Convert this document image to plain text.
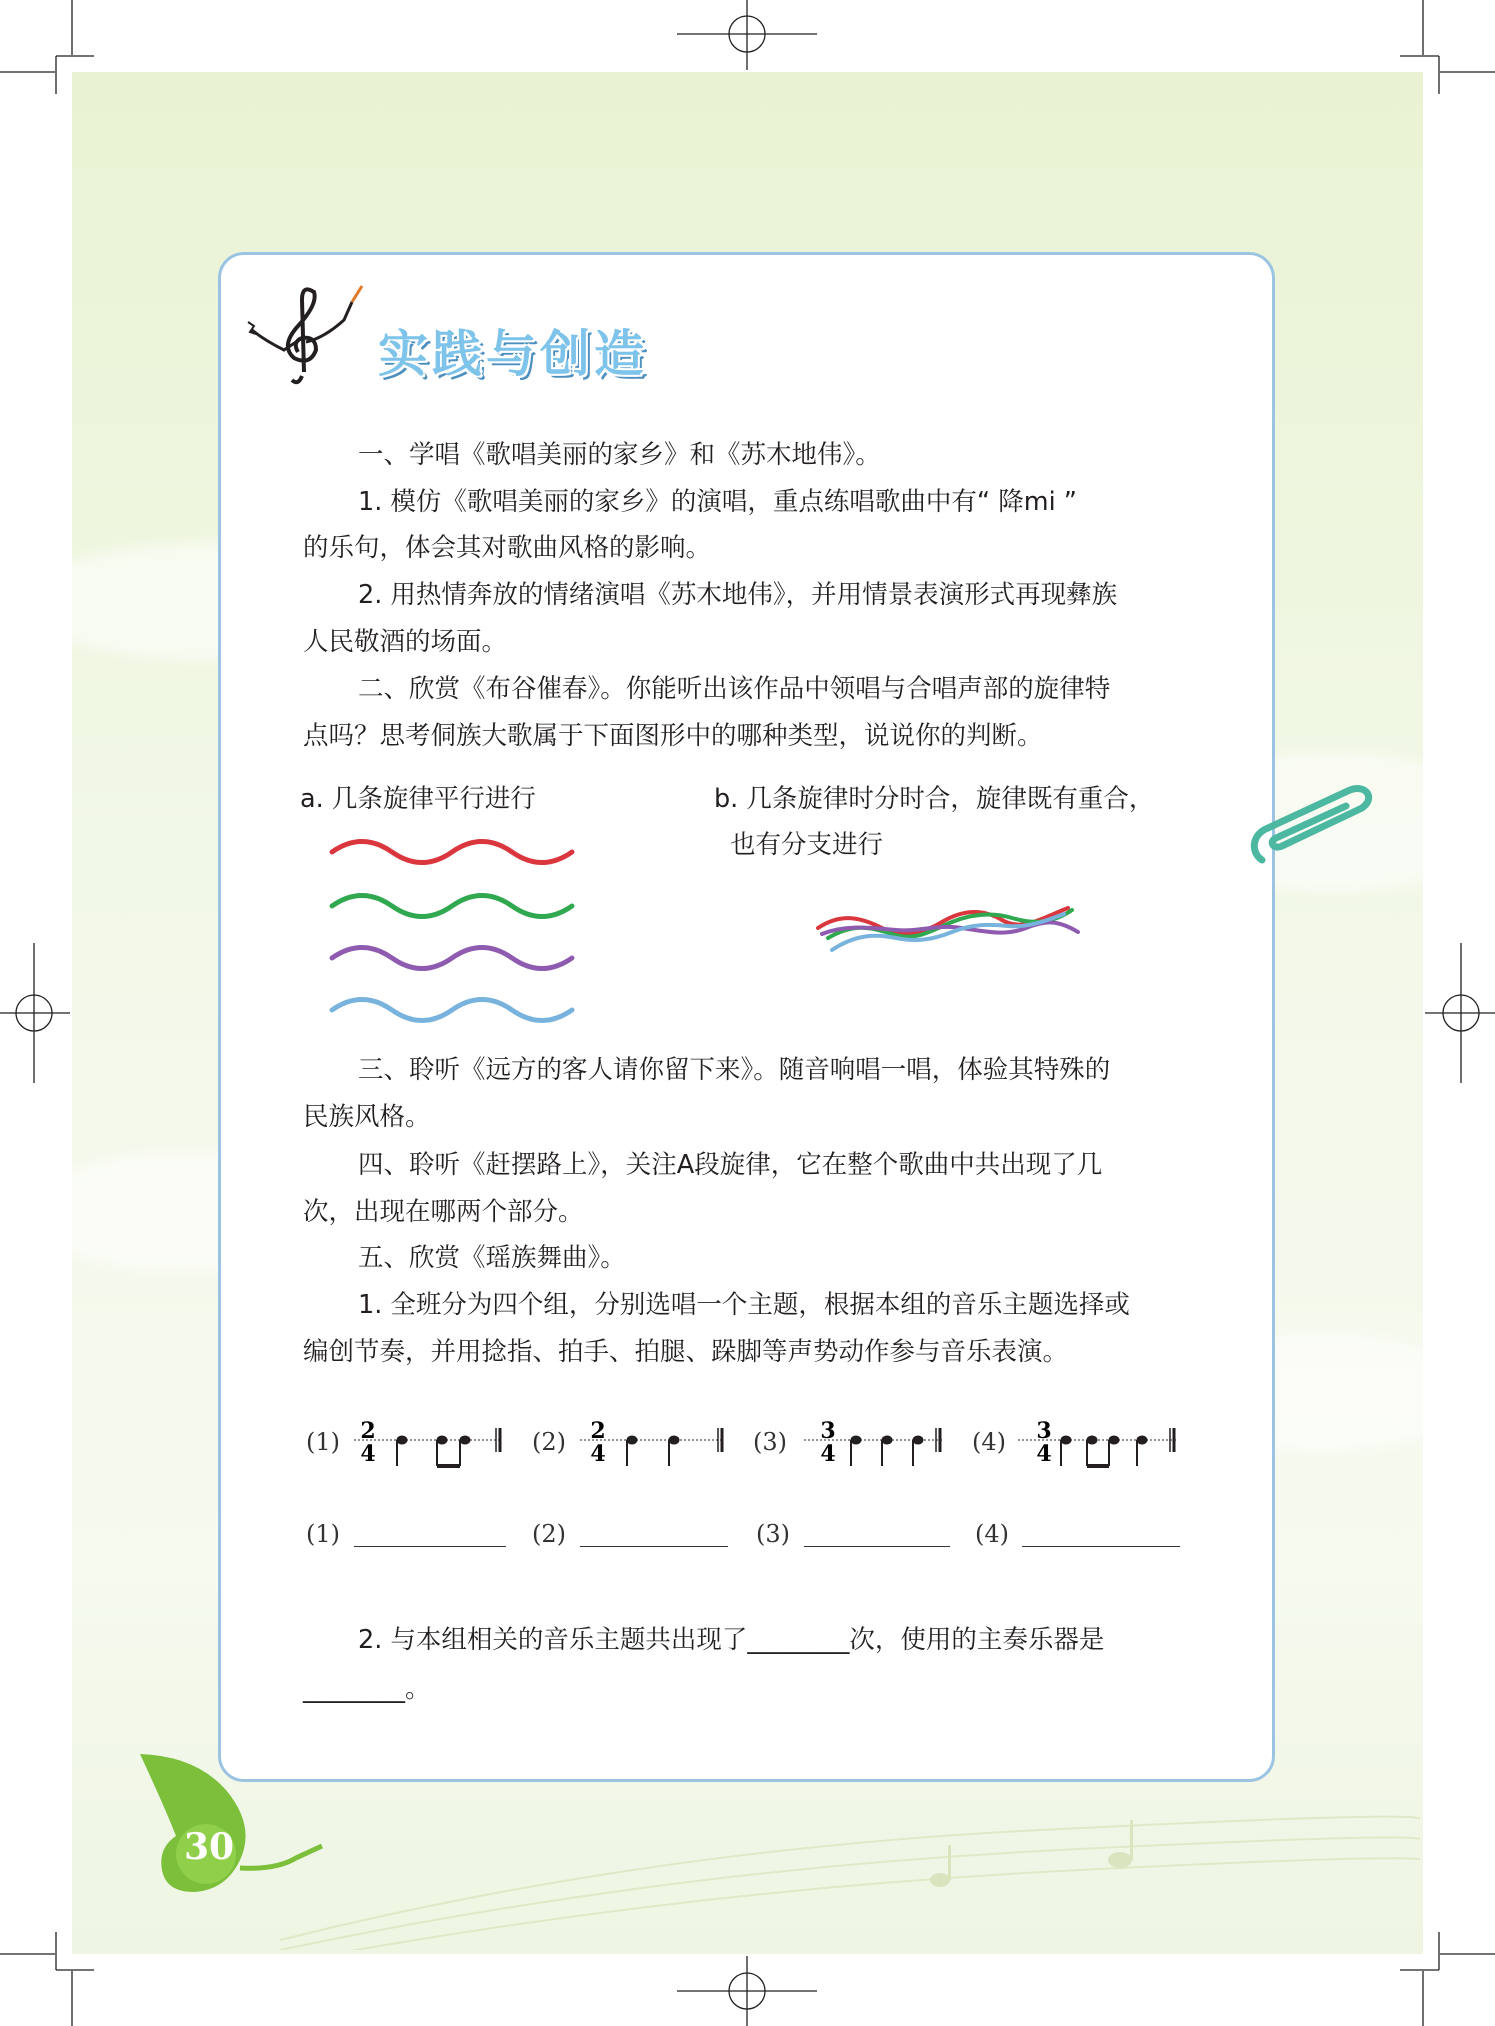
实践与创造
一、学唱《歌唱美丽的家乡》和《苏木地伟》。
1. 模仿《歌唱美丽的家乡》的演唱，重点练唱歌曲中有“ 降mi ”
的乐句，体会其对歌曲风格的影响。
2. 用热情奔放的情绪演唱《苏木地伟》，并用情景表演形式再现彝族
人民敬酒的场面。
二、欣赏《布谷催春》。你能听出该作品中领唱与合唱声部的旋律特
点吗？思考侗族大歌属于下面图形中的哪种类型，说说你的判断。
a. 几条旋律平行进行	b. 几条旋律时分时合，旋律既有重合，
也有分支进行
三、聆听《远方的客人请你留下来》。随音响唱一唱，体验其特殊的
民族风格。
四、聆听《赶摆路上》，关注A段旋律，它在整个歌曲中共出现了几
次，出现在哪两个部分。
五、欣赏《瑶族舞曲》。
1. 全班分为四个组，分别选唱一个主题，根据本组的音乐主题选择或
编创节奏，并用捻指、拍手、拍腿、跺脚等声势动作参与音乐表演。
(1) 2
4	(2) 2
4	(3) 3
4	(4) 3
4
(1)	(2)	(3)	(4)
2. 与本组相关的音乐主题共出现了________次，使用的主奏乐器是
________。
30
